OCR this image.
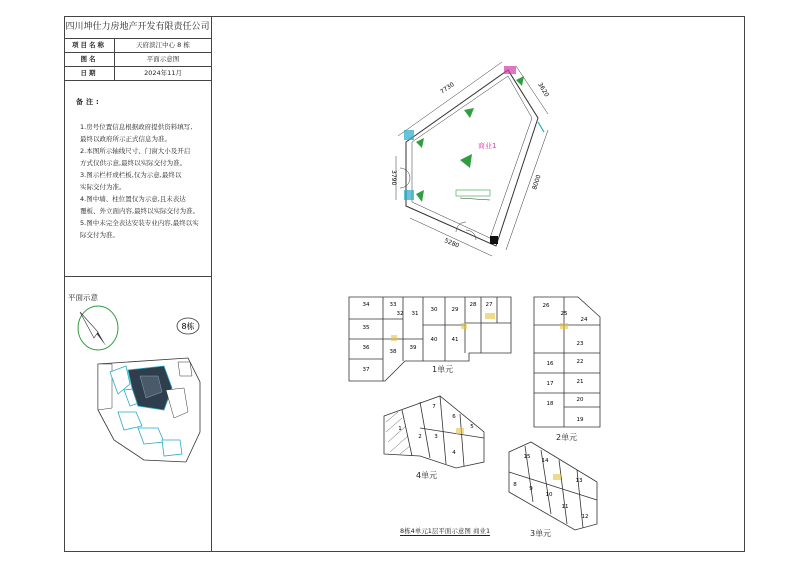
四川坤仕力房地产开发有限责任公司
项目名称	天府滨江中心 8 栋
图名	平面示意图
日期	2024年11月
备注:
1.房号位置信息根据政府提供资料填写,
最终以政府所示正式信息为准。
2.本图所示轴线尺寸、门窗大小及开启
方式仅供示意,最终以实际交付为准。
3.图示栏杆或栏板,仅为示意,最终以
实际交付为准。
4.图中墙、柱位置仅为示意,且未表达
覆板、外立面内容,最终以实际交付为准。
5.图中未完全表达安装专业内容,最终以实
际交付为准。
平面示意
8栋
7730	3620
3790	8000
5280
商业1
34	33
32 31
30	29
28 27
35
36
37
38
39
40	41
1单元
26
25
24
23
22
21
20
19
18
17
16
2单元
7
6
5
4
3
2
1
4单元
15
14
13
12
11
10
9
8
3单元
8栋4单元1层平面示意图 商业1
